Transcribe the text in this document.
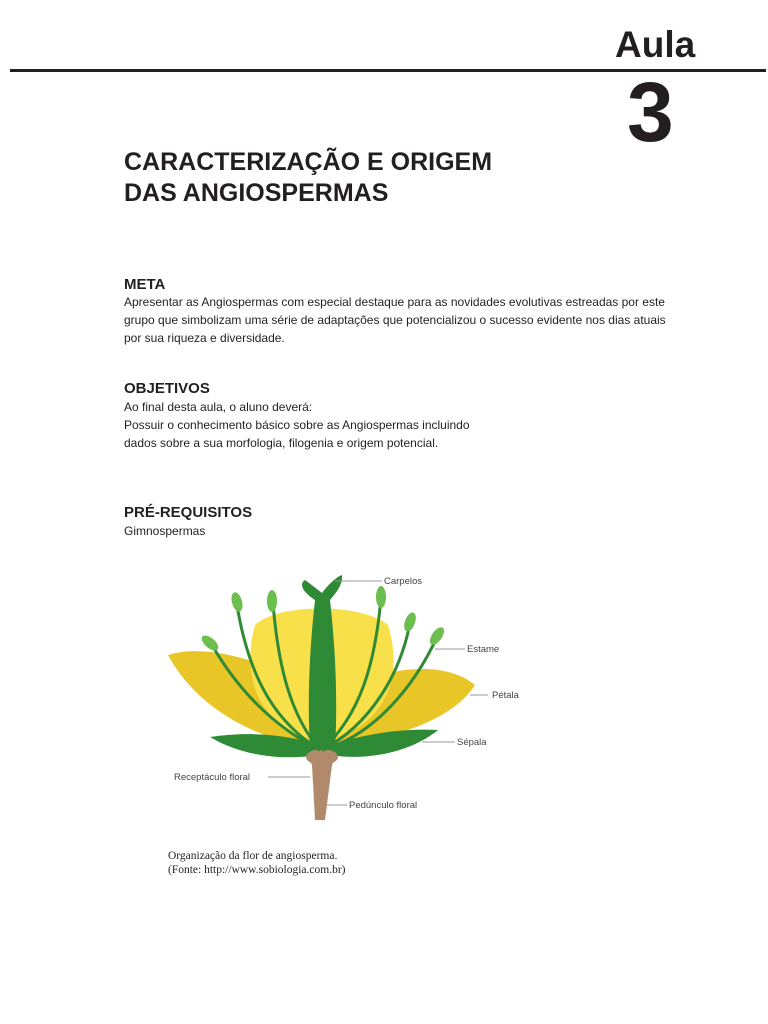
Aula
3
CARACTERIZAÇÃO E ORIGEM
DAS ANGIOSPERMAS
META

Apresentar as Angiospermas com especial destaque para as novidades evolutivas estreadas por este
grupo que simbolizam uma série de adaptações que potencializou o sucesso evidente nos dias atuais
por sua riqueza e diversidade.

OBJETIVOS

Ao final desta aula, o aluno deverá:
Possuir o conhecimento básico sobre as Angiospermas incluindo
dados sobre a sua morfologia, filogenia e origem potencial.

PRÉ-REQUISITOS

Gimnospermas

Carpelos
Estame
Pétala
Sépala
Receptáculo floral
Pedúnculo floral
Organização da flor de angiosperma.
(Fonte: http://www.sobiologia.com.br)
